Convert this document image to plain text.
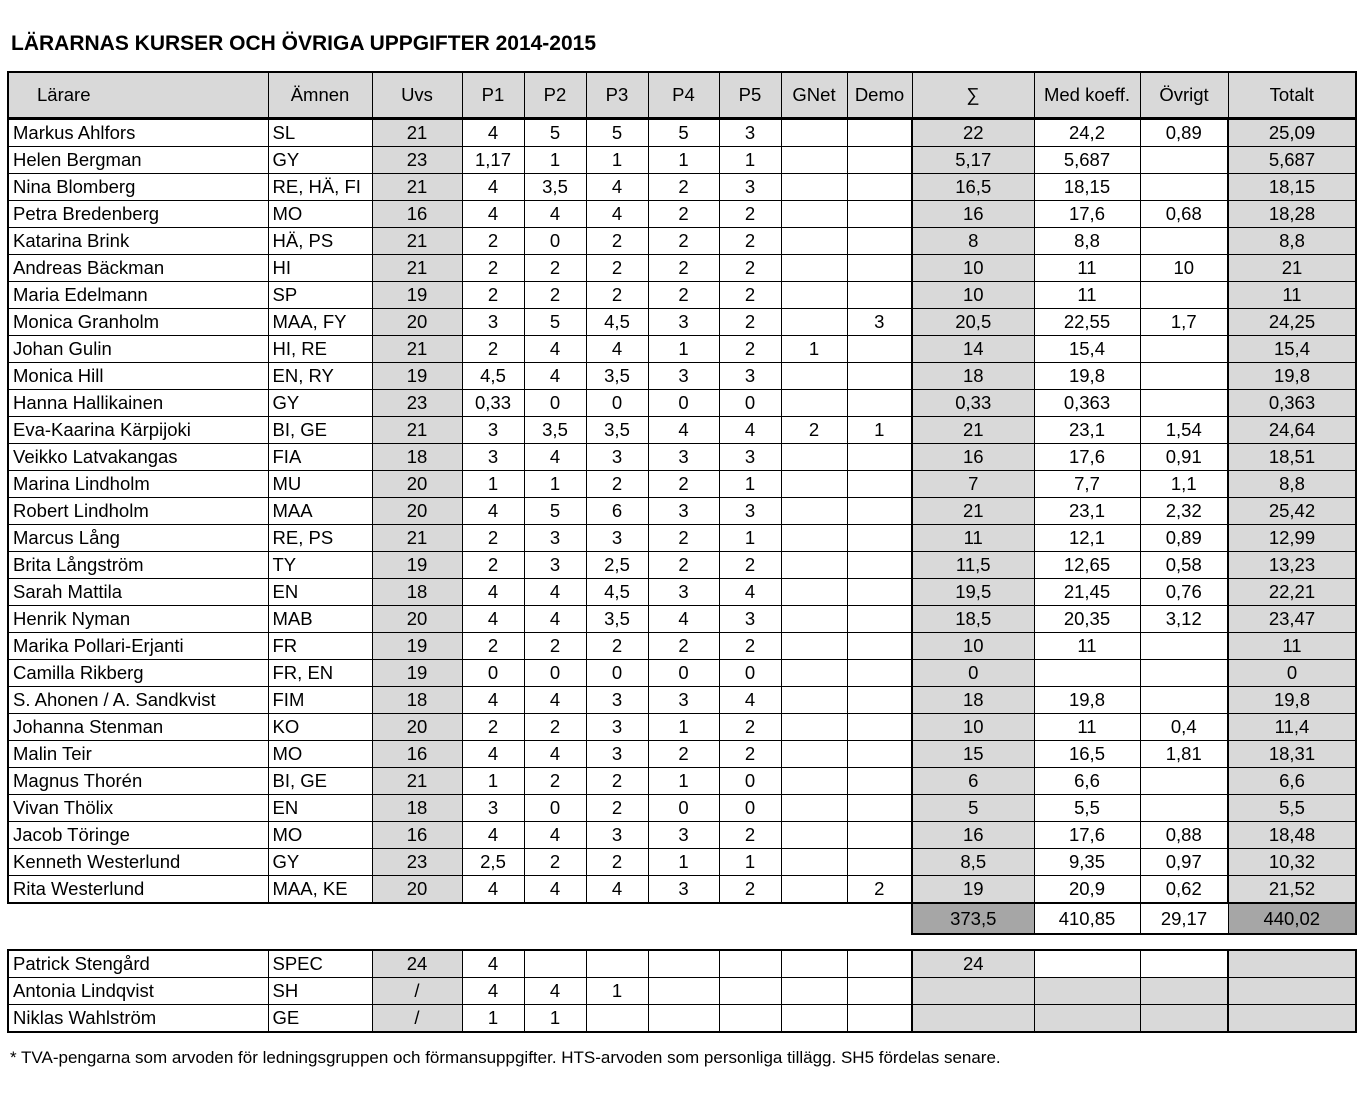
LÄRARNAS KURSER OCH ÖVRIGA UPPGIFTER 2014-2015
Lärare	Ämnen	Uvs	P1	P2	P3	P4	P5	GNet	Demo	∑	Med koeff.	Övrigt	Totalt
Markus Ahlfors	SL	21	4	5	5	5	3			22	24,2	0,89	25,09
Helen Bergman	GY	23	1,17	1	1	1	1			5,17	5,687		5,687
Nina Blomberg	RE, HÄ, FI	21	4	3,5	4	2	3			16,5	18,15		18,15
Petra Bredenberg	MO	16	4	4	4	2	2			16	17,6	0,68	18,28
Katarina Brink	HÄ, PS	21	2	0	2	2	2			8	8,8		8,8
Andreas Bäckman	HI	21	2	2	2	2	2			10	11	10	21
Maria Edelmann	SP	19	2	2	2	2	2			10	11		11
Monica Granholm	MAA, FY	20	3	5	4,5	3	2		3	20,5	22,55	1,7	24,25
Johan Gulin	HI, RE	21	2	4	4	1	2	1		14	15,4		15,4
Monica Hill	EN, RY	19	4,5	4	3,5	3	3			18	19,8		19,8
Hanna Hallikainen	GY	23	0,33	0	0	0	0			0,33	0,363		0,363
Eva-Kaarina Kärpijoki	BI, GE	21	3	3,5	3,5	4	4	2	1	21	23,1	1,54	24,64
Veikko Latvakangas	FIA	18	3	4	3	3	3			16	17,6	0,91	18,51
Marina Lindholm	MU	20	1	1	2	2	1			7	7,7	1,1	8,8
Robert Lindholm	MAA	20	4	5	6	3	3			21	23,1	2,32	25,42
Marcus Lång	RE, PS	21	2	3	3	2	1			11	12,1	0,89	12,99
Brita Långström	TY	19	2	3	2,5	2	2			11,5	12,65	0,58	13,23
Sarah Mattila	EN	18	4	4	4,5	3	4			19,5	21,45	0,76	22,21
Henrik Nyman	MAB	20	4	4	3,5	4	3			18,5	20,35	3,12	23,47
Marika Pollari-Erjanti	FR	19	2	2	2	2	2			10	11		11
Camilla Rikberg	FR, EN	19	0	0	0	0	0			0			0
S. Ahonen / A. Sandkvist	FIM	18	4	4	3	3	4			18	19,8		19,8
Johanna Stenman	KO	20	2	2	3	1	2			10	11	0,4	11,4
Malin Teir	MO	16	4	4	3	2	2			15	16,5	1,81	18,31
Magnus Thorén	BI, GE	21	1	2	2	1	0			6	6,6		6,6
Vivan Thölix	EN	18	3	0	2	0	0			5	5,5		5,5
Jacob Töringe	MO	16	4	4	3	3	2			16	17,6	0,88	18,48
Kenneth Westerlund	GY	23	2,5	2	2	1	1			8,5	9,35	0,97	10,32
Rita Westerlund	MAA, KE	20	4	4	4	3	2		2	19	20,9	0,62	21,52
373,5	410,85	29,17	440,02
Patrick Stengård	SPEC	24	4							24			
Antonia Lindqvist	SH	/	4	4	1								
Niklas Wahlström	GE	/	1	1									
* TVA-pengarna som arvoden för ledningsgruppen och förmansuppgifter. HTS-arvoden som personliga tillägg. SH5 fördelas senare.
